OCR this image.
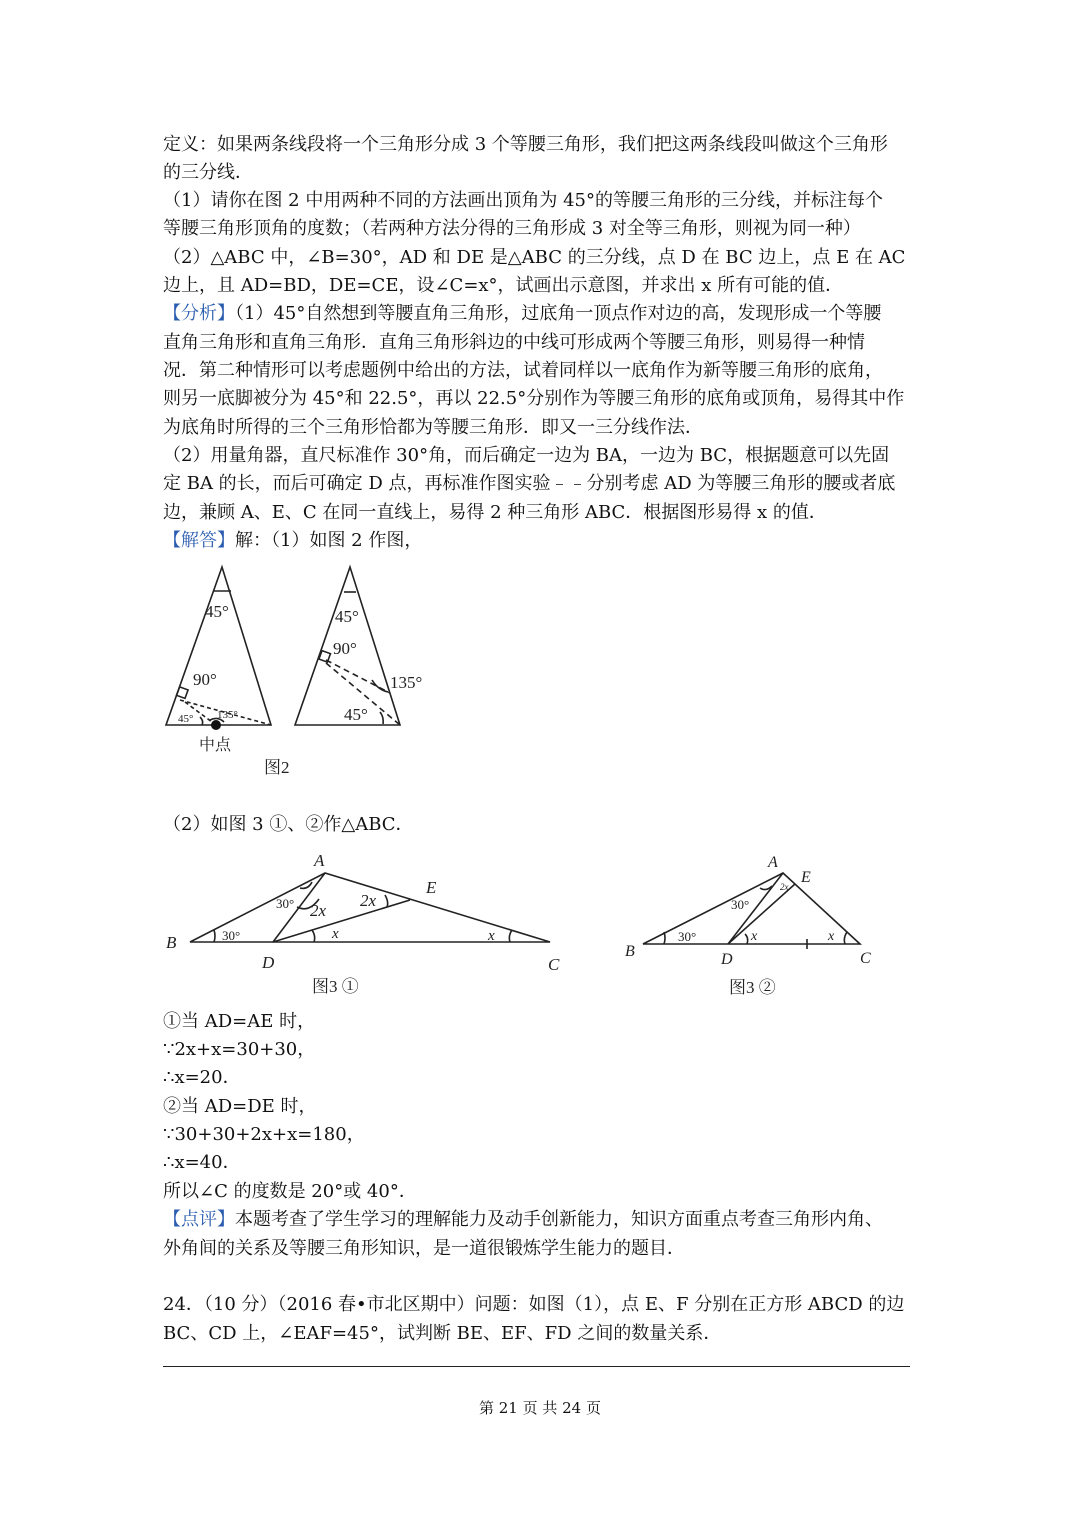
定义：如果两条线段将一个三角形分成 3 个等腰三角形，我们把这两条线段叫做这个三角形
的三分线．
（1）请你在图 2 中用两种不同的方法画出顶角为 45°的等腰三角形的三分线，并标注每个
等腰三角形顶角的度数；（若两种方法分得的三角形成 3 对全等三角形，则视为同一种）
（2）△ABC 中，∠B=30°，AD 和 DE 是△ABC 的三分线，点 D 在 BC 边上，点 E 在 AC
边上，且 AD=BD，DE=CE，设∠C=x°，试画出示意图，并求出 x 所有可能的值．
【分析】（1）45°自然想到等腰直角三角形，过底角一顶点作对边的高，发现形成一个等腰
直角三角形和直角三角形．直角三角形斜边的中线可形成两个等腰三角形，则易得一种情
况．第二种情形可以考虑题例中给出的方法，试着同样以一底角作为新等腰三角形的底角，
则另一底脚被分为 45°和 22.5°，再以 22.5°分别作为等腰三角形的底角或顶角，易得其中作
为底角时所得的三个三角形恰都为等腰三角形．即又一三分线作法．
（2）用量角器，直尺标准作 30°角，而后确定一边为 BA，一边为 BC，根据题意可以先固
定 BA 的长，而后可确定 D 点，再标准作图实验﹣﹣分别考虑 AD 为等腰三角形的腰或者底
边，兼顾 A、E、C 在同一直线上，易得 2 种三角形 ABC．根据图形易得 x 的值．
【解答】解：（1）如图 2 作图，
45°
90°
45° 135°
中点
45°
90°
135°
45°
图2
A
B
C
D
E
30°
30° 2x
2x
x	x
图3 ①
A
B	C
D
E
30°
30°
2x
x	x
图3 ②
（2）如图 3 ①、②作△ABC．
①当 AD=AE 时，
∵2x+x=30+30，
∴x=20．
②当 AD=DE 时，
∵30+30+2x+x=180，
∴x=40．
所以∠C 的度数是 20°或 40°．
【点评】本题考查了学生学习的理解能力及动手创新能力，知识方面重点考查三角形内角、
外角间的关系及等腰三角形知识，是一道很锻炼学生能力的题目．
24．（10 分）（2016 春•市北区期中）问题：如图（1），点 E、F 分别在正方形 ABCD 的边
BC、CD 上，∠EAF=45°，试判断 BE、EF、FD 之间的数量关系．
第 21 页 共 24 页
